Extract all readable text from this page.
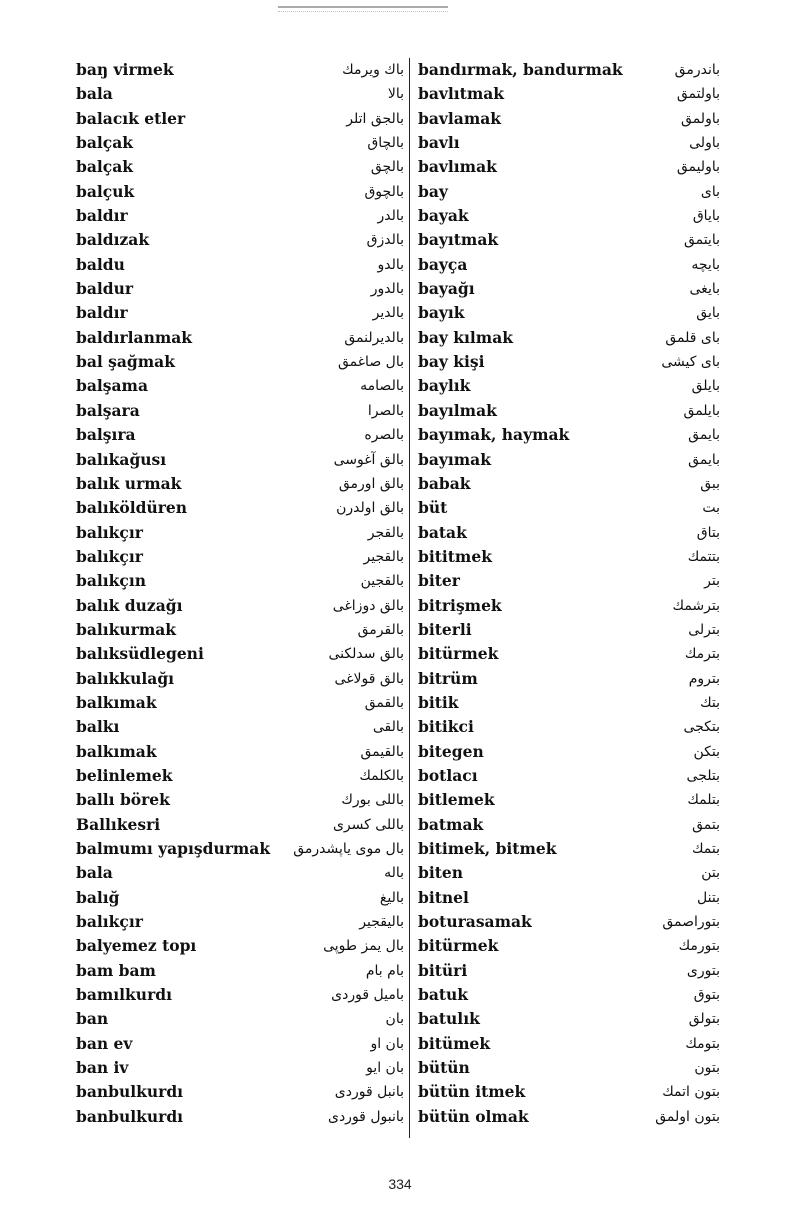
baŋ virmek	باك ويرمك
bala	بالا
balacık etler	بالجق اتلر
balçak	بالچاق
balçak	بالچق
balçuk	بالچوق
baldır	بالدر
baldızak	بالدزق
baldu	بالدو
baldur	بالدور
baldır	بالدير
baldırlanmak	بالديرلنمق
bal şağmak	بال صاغمق
balşama	بالصامه
balşara	بالصرا
balşıra	بالصره
balıkağusı	بالق آغوسی
balık urmak	بالق اورمق
balıköldüren	بالق اولدرن
balıkçır	بالقجر
balıkçır	بالقجير
balıkçın	بالقجين
balık duzağı	بالق دوزاغی
balıkurmak	بالقرمق
balıksüdlegeni	بالق سدلكنی
balıkkulağı	بالق قولاغی
balkımak	بالقمق
balkı	بالقی
balkımak	بالقيمق
belinlemek	بالكلمك
ballı börek	باللی بورك
Ballıkesri	باللی كسری
balmumı yapışdurmak بال موی یاپشدرمق
bala	باله
balığ	باليغ
balıkçır	باليقجير
balyemez topı	بال يمز طوپی
bam bam	بام بام
bamılkurdı	باميل قوردی
ban	بان
ban ev	بان او
ban iv	بان ايو
banbulkurdı	بانبل قوردی
banbulkurdı	بانبول قوردی
bandırmak, bandurmak	باندرمق
bavlıtmak	باولتمق
bavlamak	باولمق
bavlı	باولی
bavlımak	باوليمق
bay	بای
bayak	باياق
bayıtmak	بايتمق
bayça	بايچه
bayağı	بايغی
bayık	بايق
bay kılmak	بای قلمق
bay kişi	بای كيشی
baylık	بايلق
bayılmak	بايلمق
bayımak, haymak	بايمق
bayımak	بايمق
babak	ببق
büt	بت
batak	بتاق
bititmek	بتتمك
biter	بتر
bitrişmek	بترشمك
biterli	بترلی
bitürmek	بترمك
bitrüm	بتروم
bitik	بتك
bitikci	بتكجی
bitegen	بتكن
botlacı	بتلجی
bitlemek	بتلمك
batmak	بتمق
bitimek, bitmek	بتمك
biten	بتن
bitnel	بتنل
boturasamak	بتوراصمق
bitürmek	بتورمك
bitüri	بتوری
batuk	بتوق
batulık	بتولق
bitümek	بتومك
bütün	بتون
bütün itmek	بتون اتمك
bütün olmak	بتون اولمق
334
